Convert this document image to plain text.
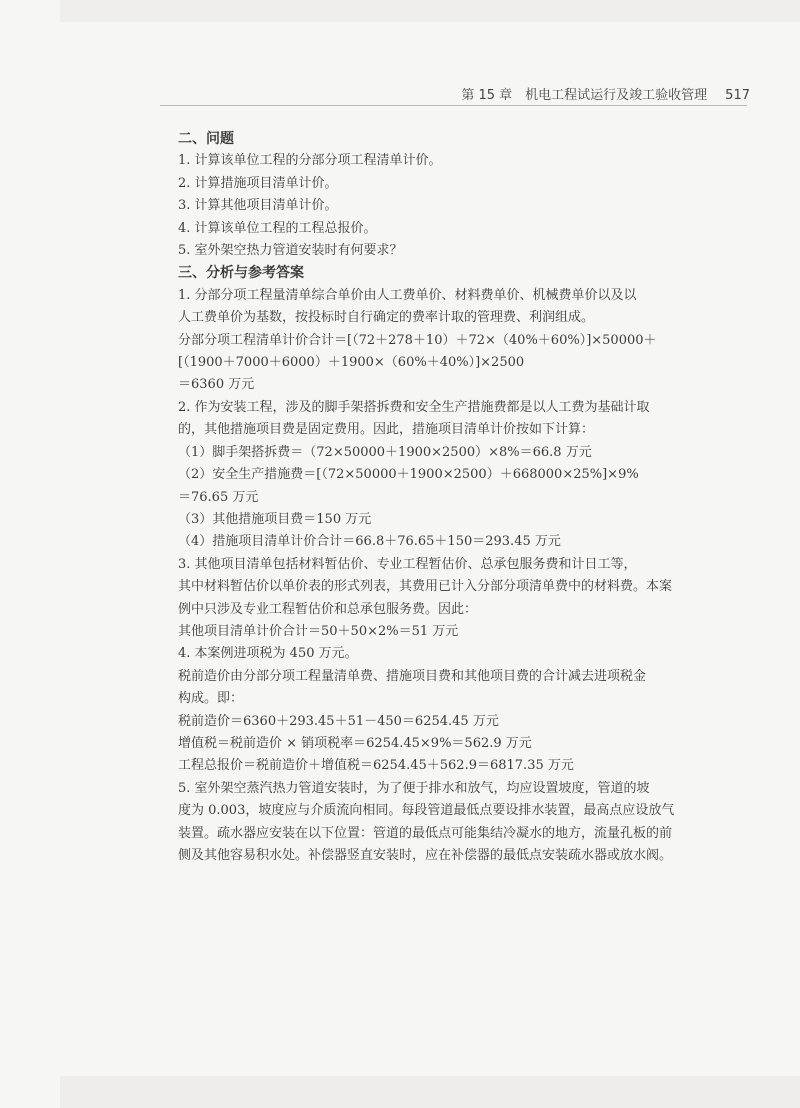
第 15 章　机电工程试运行及竣工验收管理 517

二、问题

1. 计算该单位工程的分部分项工程清单计价。

2. 计算措施项目清单计价。

3. 计算其他项目清单计价。

4. 计算该单位工程的工程总报价。

5. 室外架空热力管道安装时有何要求？

三、分析与参考答案

1. 分部分项工程量清单综合单价由人工费单价、材料费单价、机械费单价以及以

人工费单价为基数，按投标时自行确定的费率计取的管理费、利润组成。

分部分项工程清单计价合计＝[（72＋278＋10）＋72×（40%＋60%）]×50000＋

[（1900＋7000＋6000）＋1900×（60%＋40%）]×2500

＝6360 万元

2. 作为安装工程，涉及的脚手架搭拆费和安全生产措施费都是以人工费为基础计取

的，其他措施项目费是固定费用。因此，措施项目清单计价按如下计算：

（1）脚手架搭拆费＝（72×50000＋1900×2500）×8%＝66.8 万元

（2）安全生产措施费＝[（72×50000＋1900×2500）＋668000×25%]×9%

＝76.65 万元

（3）其他措施项目费＝150 万元

（4）措施项目清单计价合计＝66.8＋76.65＋150＝293.45 万元

3. 其他项目清单包括材料暂估价、专业工程暂估价、总承包服务费和计日工等，

其中材料暂估价以单价表的形式列表，其费用已计入分部分项清单费中的材料费。本案

例中只涉及专业工程暂估价和总承包服务费。因此：

其他项目清单计价合计＝50＋50×2%＝51 万元

4. 本案例进项税为 450 万元。

税前造价由分部分项工程量清单费、措施项目费和其他项目费的合计减去进项税金

构成。即：

税前造价＝6360＋293.45＋51－450＝6254.45 万元

增值税＝税前造价 × 销项税率＝6254.45×9%＝562.9 万元

工程总报价＝税前造价＋增值税＝6254.45＋562.9＝6817.35 万元

5. 室外架空蒸汽热力管道安装时，为了便于排水和放气，均应设置坡度，管道的坡

度为 0.003，坡度应与介质流向相同。每段管道最低点要设排水装置，最高点应设放气

装置。疏水器应安装在以下位置：管道的最低点可能集结冷凝水的地方，流量孔板的前

侧及其他容易积水处。补偿器竖直安装时，应在补偿器的最低点安装疏水器或放水阀。
